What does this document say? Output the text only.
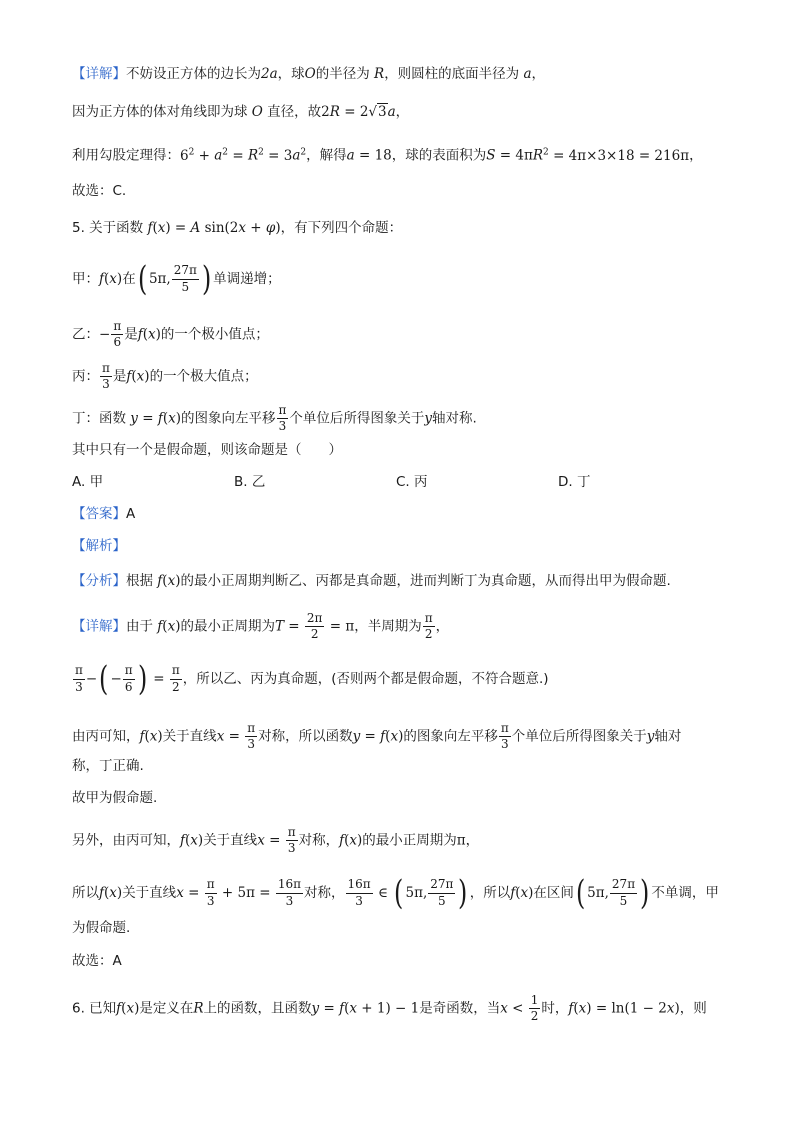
【详解】不妨设正方体的边长为2a，球O的半径为 R，则圆柱的底面半径为 a，
因为正方体的体对角线即为球 O 直径，故2R = 2√3a，
利用勾股定理得：$6^2 + a^2 = R^2 = 3a^2$，解得a = 18，球的表面积为$S = 4\pi R^2 = 4\pi\times 3\times 18 = 216\pi$，
故选：C.
5. 关于函数 f(x) = A sin(2x + φ)，有下列四个命题：
甲：f(x)在( 5π, $\frac{27\pi}{5}$ ) 单调递增；
乙：− $\frac{\pi}{6}$ 是f(x)的一个极小值点；
丙： $\frac{\pi}{3}$ 是f(x)的一个极大值点；
丁：函数 y = f(x)的图象向左平移 $\frac{\pi}{3}$ 个单位后所得图象关于y轴对称.
其中只有一个是假命题，则该命题是（　　）
A. 甲	B. 乙	C. 丙	D. 丁
【答案】A
【解析】
【分析】根据 f(x)的最小正周期判断乙、丙都是真命题，进而判断丁为真命题，从而得出甲为假命题.
【详解】由于 f(x)的最小正周期为$T = \frac{2\pi}{2} = \pi$，半周期为 $\frac{\pi}{2}$ ，
$\frac{\pi}{3}$ −( − $\frac{\pi}{6}$ ) = $\frac{\pi}{2}$ ，所以乙、丙为真命题，(否则两个都是假命题，不符合题意.)
由丙可知，f(x)关于直线$x = \frac{\pi}{3}$ 对称，所以函数y = f(x)的图象向左平移 $\frac{\pi}{3}$ 个单位后所得图象关于y轴对
称，丁正确.
故甲为假命题.
另外，由丙可知，f(x)关于直线$x = \frac{\pi}{3}$ 对称，f(x)的最小正周期为π，
所以f(x)关于直线$x = \frac{\pi}{3} + 5\pi = \frac{16\pi}{3}$ 对称， $\frac{16\pi}{3}$ ∈ ( 5π, $\frac{27\pi}{5}$ ) ，所以f(x)在区间( 5π, $\frac{27\pi}{5}$ ) 不单调，甲
为假命题.
故选：A
6. 已知f(x)是定义在R上的函数，且函数y = f(x + 1) − 1是奇函数，当$x < \frac{1}{2}$ 时，f(x) = ln(1 − 2x)，则
